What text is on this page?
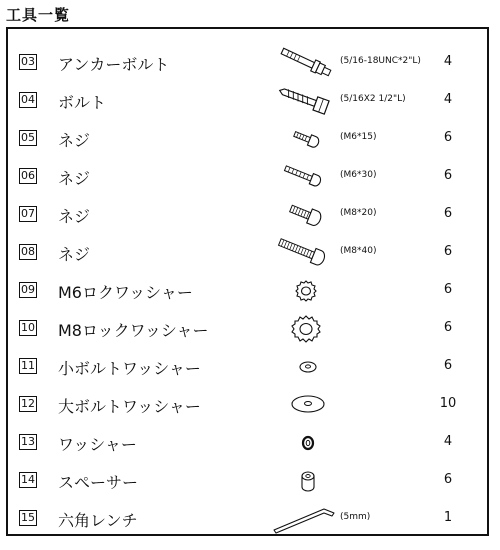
工具一覧
03 アンカーボルト	(5/16-18UNC*2"L)	4
04 ボルト	(5/16X2 1/2"L)	4
05 ネジ	(M6*15)	6
06 ネジ	(M6*30)	6
07 ネジ	(M8*20)	6
08 ネジ	(M8*40)	6
09 M6ロクワッシャー	6
10 M8ロックワッシャー	6
11 小ボルトワッシャー	6
12 大ボルトワッシャー	10
13 ワッシャー	4
14 スペーサー	6
15 六角レンチ	(5mm)	1
